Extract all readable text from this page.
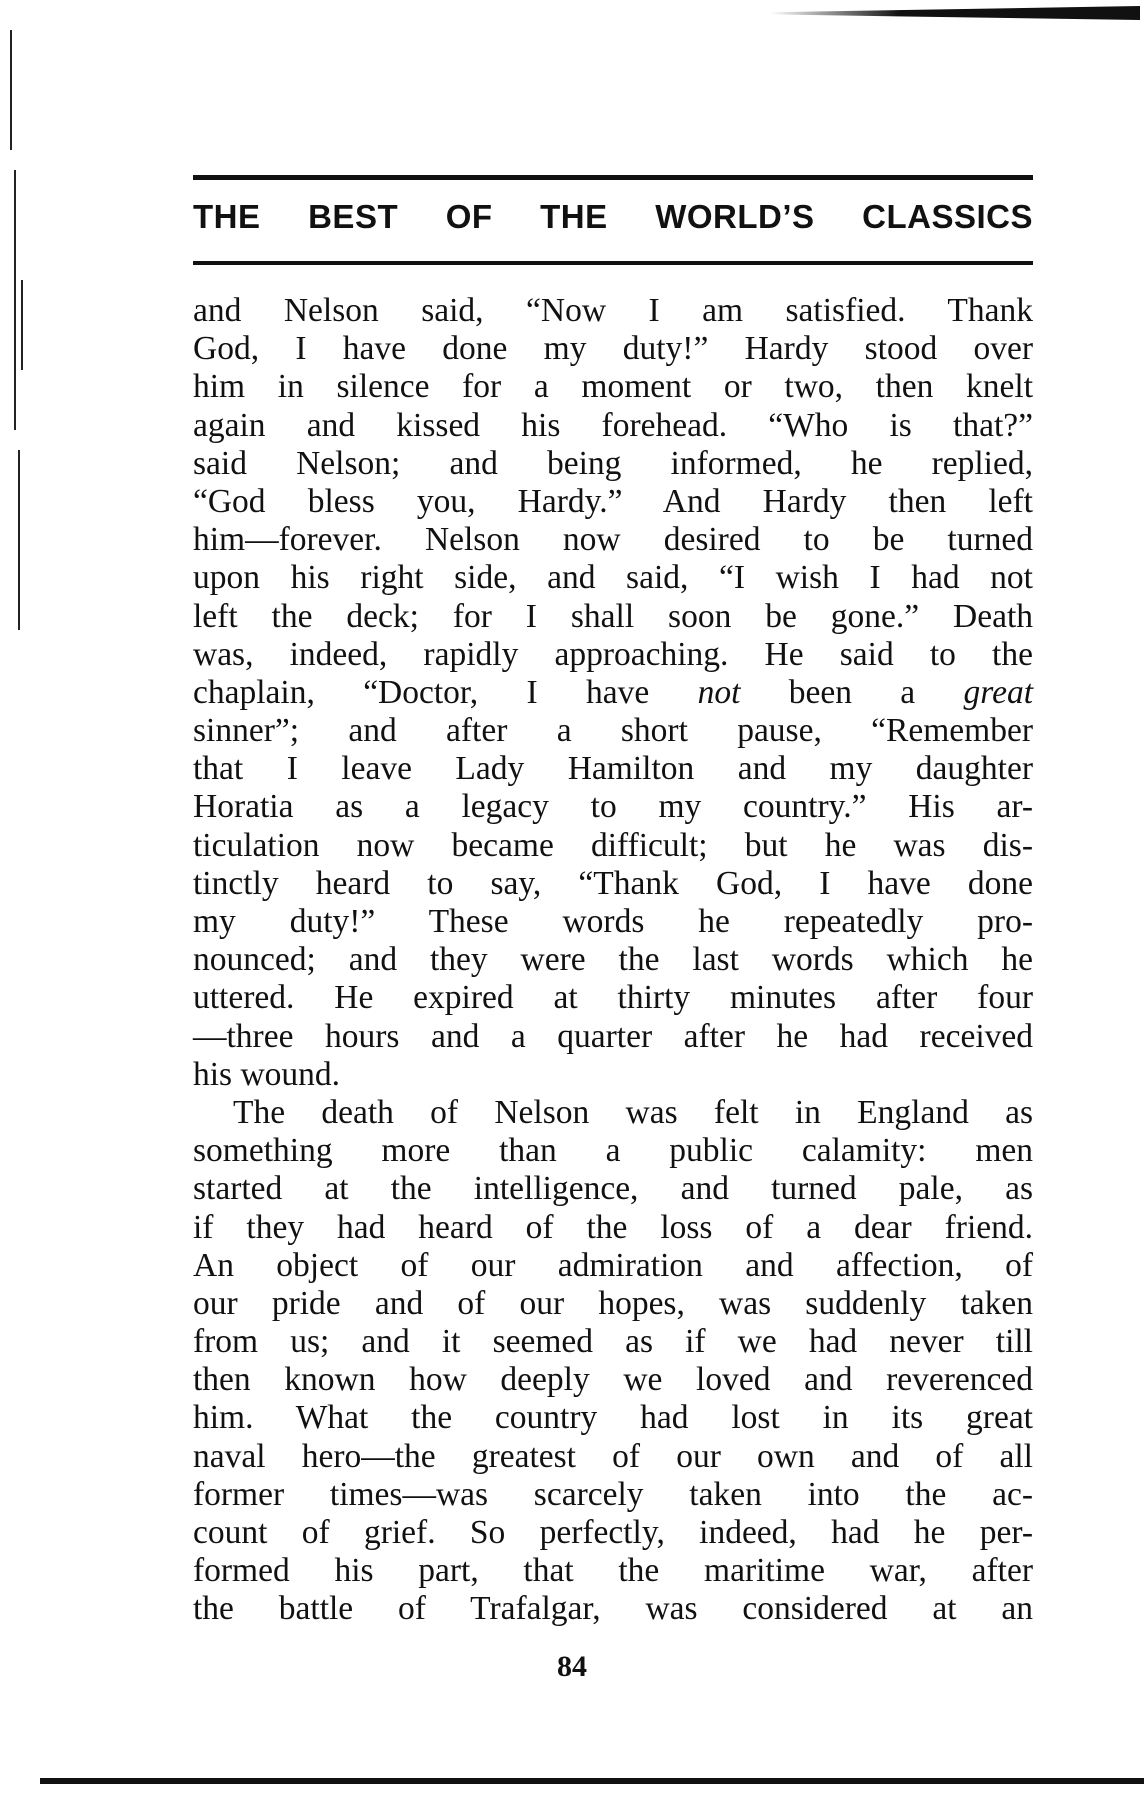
THE BEST OF THE WORLD’S CLASSICS

and Nelson said, “Now I am satisfied. Thank
God, I have done my duty!” Hardy stood over
him in silence for a moment or two, then knelt
again and kissed his forehead. “Who is that?”
said Nelson; and being informed, he replied,
“God bless you, Hardy.” And Hardy then left
him—forever. Nelson now desired to be turned
upon his right side, and said, “I wish I had not
left the deck; for I shall soon be gone.” Death
was, indeed, rapidly approaching. He said to the
chaplain, “Doctor, I have not been a great
sinner”; and after a short pause, “Remember
that I leave Lady Hamilton and my daughter
Horatia as a legacy to my country.” His ar-
ticulation now became difficult; but he was dis-
tinctly heard to say, “Thank God, I have done
my duty!” These words he repeatedly pro-
nounced; and they were the last words which he
uttered. He expired at thirty minutes after four
—three hours and a quarter after he had received
his wound.

The death of Nelson was felt in England as
something more than a public calamity: men
started at the intelligence, and turned pale, as
if they had heard of the loss of a dear friend.
An object of our admiration and affection, of
our pride and of our hopes, was suddenly taken
from us; and it seemed as if we had never till
then known how deeply we loved and reverenced
him. What the country had lost in its great
naval hero—the greatest of our own and of all
former times—was scarcely taken into the ac-
count of grief. So perfectly, indeed, had he per-
formed his part, that the maritime war, after
the battle of Trafalgar, was considered at an

84
